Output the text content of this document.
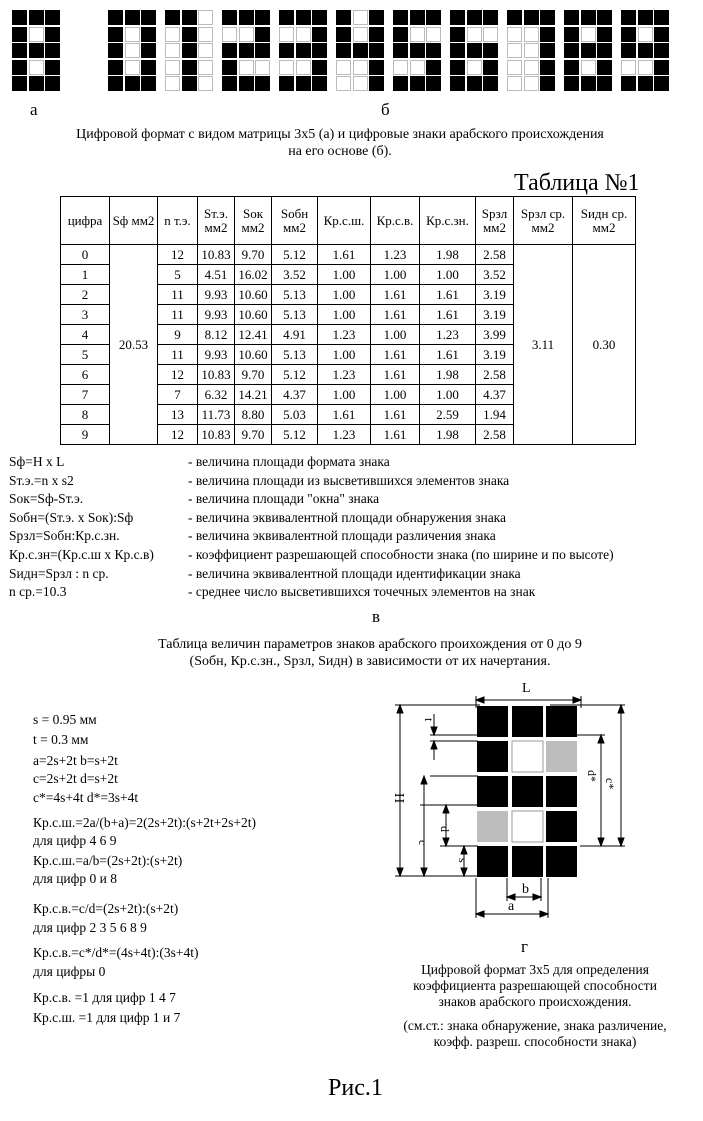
а	б
Цифровой формат с видом матрицы 3х5 (а) и цифровые знаки арабского происхождения
на его основе (б).
Таблица №1
цифра	Sф мм2	n т.э.	Sт.э. мм2	Sок мм2	Sобн мм2	Кр.с.ш.	Кр.с.в.	Кр.с.зн.	Sрзл мм2	Sрзл ср. мм2	Sидн ср. мм2
0	20.53	12	10.83	9.70	5.12	1.61	1.23	1.98	2.58	3.11	0.30
1		5	4.51	16.02	3.52	1.00	1.00	1.00	3.52		
2		11	9.93	10.60	5.13	1.00	1.61	1.61	3.19		
3		11	9.93	10.60	5.13	1.00	1.61	1.61	3.19		
4		9	8.12	12.41	4.91	1.23	1.00	1.23	3.99		
5		11	9.93	10.60	5.13	1.00	1.61	1.61	3.19		
6		12	10.83	9.70	5.12	1.23	1.61	1.98	2.58		
7		7	6.32	14.21	4.37	1.00	1.00	1.00	4.37		
8		13	11.73	8.80	5.03	1.61	1.61	2.59	1.94		
9		12	10.83	9.70	5.12	1.23	1.61	1.98	2.58		
Sф=H x L	- величина площади формата знака
Sт.э.=n x s2	- величина площади из высветившихся элементов знака
Sок=Sф-Sт.э.	- величина площади "окна" знака
Sобн=(Sт.э. x Sок):Sф	- величина эквивалентной площади обнаружения знака
Sрзл=Sобн:Кр.с.зн.	- величина эквивалентной площади различения знака
Кр.с.зн=(Кр.с.ш x Кр.с.в)	- коэффициент разрешающей способности знака (по ширине и по высоте)
Sидн=Sрзл : n ср.	- величина эквивалентной площади идентификации знака
n ср.=10.3	- среднее число высветившихся точечных элементов на знак
в
Таблица величин параметров знаков арабского проихождения от 0 до 9
(Sобн, Кр.с.зн., Sрзл, Sидн) в зависимости от их начертания.
s = 0.95 мм
t = 0.3 мм
a=2s+2t b=s+2t
c=2s+2t d=s+2t
c*=4s+4t d*=3s+4t
Кр.с.ш.=2a/(b+a)=2(2s+2t):(s+2t+2s+2t)
для цифр 4 6 9
Кр.с.ш.=a/b=(2s+2t):(s+2t)
для цифр 0 и 8
Кр.с.в.=c/d=(2s+2t):(s+2t)
для цифр 2 3 5 6 8 9
Кр.с.в.=c*/d*=(4s+4t):(3s+4t)
для цифры 0
Кр.с.в. =1 для цифр 1 4 7
Кр.с.ш. =1 для цифр 1 и 7
L
H
t
c
d
s
a
b
c*
d*
г
Цифровой формат 3х5 для определения
коэффициента разрешающей способности
знаков арабского происхождения.
(см.ст.: знака обнаружение, знака различение,
коэфф. разреш. способности знака)
Рис.1
